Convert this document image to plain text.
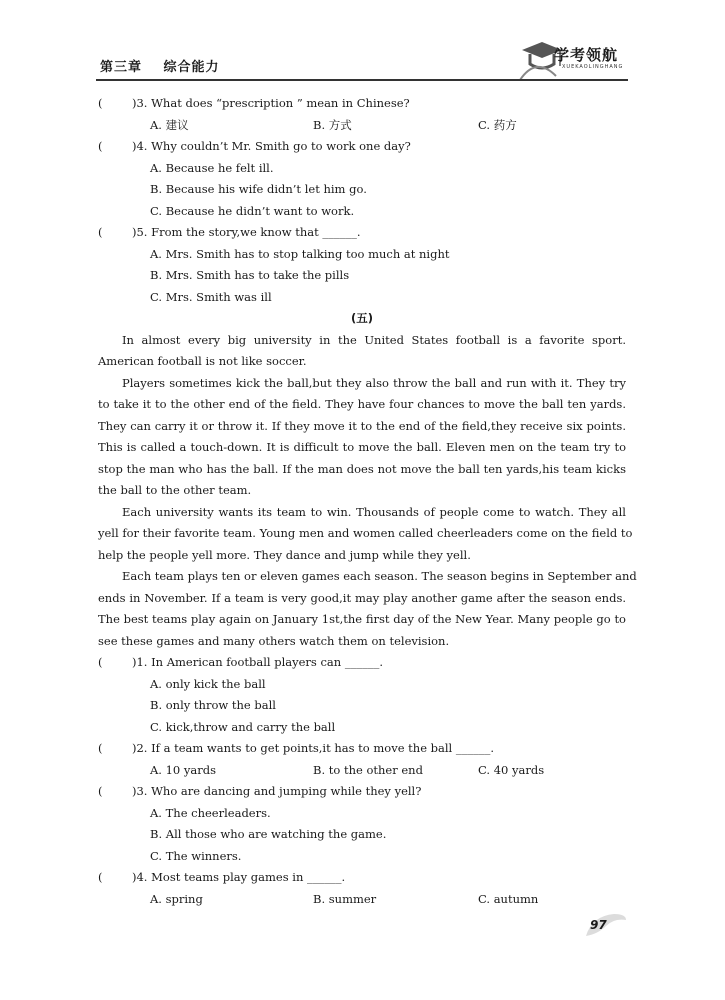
第三章 综合能力
学考领航
XUEKAOLINGHANG
(	)3. What does “prescription ” mean in Chinese?
A. 建议	B. 方式	C. 药方
(	)4. Why couldn’t Mr. Smith go to work one day?
A. Because he felt ill.
B. Because his wife didn’t let him go.
C. Because he didn’t want to work.
(	)5. From the story,we know that ______.
A. Mrs. Smith has to stop talking too much at night
B. Mrs. Smith has to take the pills
C. Mrs. Smith was ill
(五)
In almost every big university in the United States football is a favorite sport.
American football is not like soccer.
Players sometimes kick the ball,but they also throw the ball and run with it. They try
to take it to the other end of the field. They have four chances to move the ball ten yards.
They can carry it or throw it. If they move it to the end of the field,they receive six points.
This is called a touch-down. It is difficult to move the ball. Eleven men on the team try to
stop the man who has the ball. If the man does not move the ball ten yards,his team kicks
the ball to the other team.
Each university wants its team to win. Thousands of people come to watch. They all
yell for their favorite team. Young men and women called cheerleaders come on the field to
help the people yell more. They dance and jump while they yell.
Each team plays ten or eleven games each season. The season begins in September and
ends in November. If a team is very good,it may play another game after the season ends.
The best teams play again on January 1st,the first day of the New Year. Many people go to
see these games and many others watch them on television.
(	)1. In American football players can ______.
A. only kick the ball
B. only throw the ball
C. kick,throw and carry the ball
(	)2. If a team wants to get points,it has to move the ball ______.
A. 10 yards	B. to the other end	C. 40 yards
(	)3. Who are dancing and jumping while they yell?
A. The cheerleaders.
B. All those who are watching the game.
C. The winners.
(	)4. Most teams play games in ______.
A. spring	B. summer	C. autumn
97
